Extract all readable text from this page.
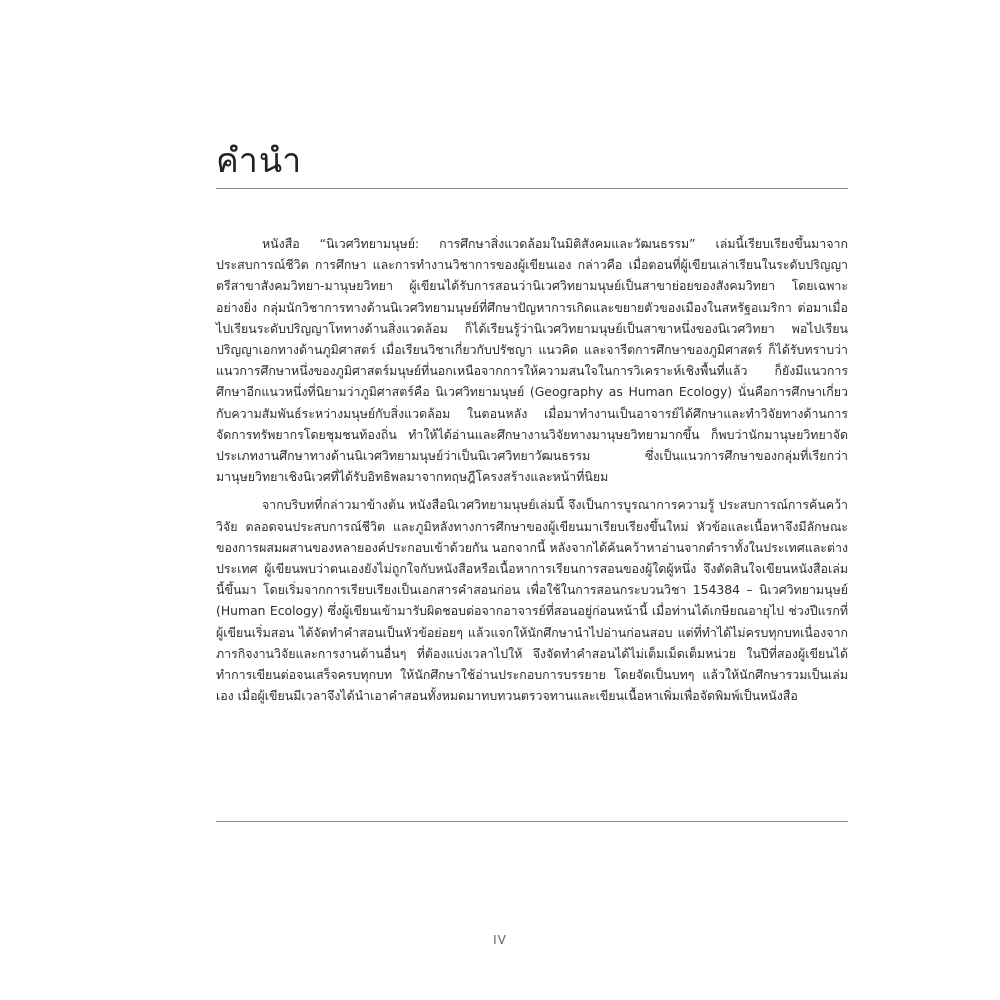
คำนำ

หนังสือ “นิเวศวิทยามนุษย์: การศึกษาสิ่งแวดล้อมในมิติสังคมและวัฒนธรรม” เล่มนี้เรียบเรียงขึ้นมาจากประสบการณ์ชีวิต การศึกษา และการทำงานวิชาการของผู้เขียนเอง กล่าวคือ เมื่อตอนที่ผู้เขียนเล่าเรียนในระดับปริญญาตรีสาขาสังคมวิทยา-มานุษยวิทยา ผู้เขียนได้รับการสอนว่านิเวศวิทยามนุษย์เป็นสาขาย่อยของสังคมวิทยา โดยเฉพาะอย่างยิ่ง กลุ่มนักวิชาการทางด้านนิเวศวิทยามนุษย์ที่ศึกษาปัญหาการเกิดและขยายตัวของเมืองในสหรัฐอเมริกา ต่อมาเมื่อไปเรียนระดับปริญญาโททางด้านสิ่งแวดล้อม ก็ได้เรียนรู้ว่านิเวศวิทยามนุษย์เป็นสาขาหนึ่งของนิเวศวิทยา พอไปเรียนปริญญาเอกทางด้านภูมิศาสตร์ เมื่อเรียนวิชาเกี่ยวกับปรัชญา แนวคิด และจารีตการศึกษาของภูมิศาสตร์ ก็ได้รับทราบว่า แนวการศึกษาหนึ่งของภูมิศาสตร์มนุษย์ที่นอกเหนือจากการให้ความสนใจในการวิเคราะห์เชิงพื้นที่แล้ว ก็ยังมีแนวการศึกษาอีกแนวหนึ่งที่นิยามว่าภูมิศาสตร์คือ นิเวศวิทยามนุษย์ (Geography as Human Ecology) นั่นคือการศึกษาเกี่ยวกับความสัมพันธ์ระหว่างมนุษย์กับสิ่งแวดล้อม ในตอนหลัง เมื่อมาทำงานเป็นอาจารย์ได้ศึกษาและทำวิจัยทางด้านการจัดการทรัพยากรโดยชุมชนท้องถิ่น ทำให้ได้อ่านและศึกษางานวิจัยทางมานุษยวิทยามากขึ้น ก็พบว่านักมานุษยวิทยาจัดประเภทงานศึกษาทางด้านนิเวศวิทยามนุษย์ว่าเป็นนิเวศวิทยาวัฒนธรรม ซึ่งเป็นแนวการศึกษาของกลุ่มที่เรียกว่ามานุษยวิทยาเชิงนิเวศที่ได้รับอิทธิพลมาจากทฤษฎีโครงสร้างและหน้าที่นิยม

จากบริบทที่กล่าวมาข้างต้น หนังสือนิเวศวิทยามนุษย์เล่มนี้ จึงเป็นการบูรณาการความรู้ ประสบการณ์การค้นคว้าวิจัย ตลอดจนประสบการณ์ชีวิต และภูมิหลังทางการศึกษาของผู้เขียนมาเรียบเรียงขึ้นใหม่ หัวข้อและเนื้อหาจึงมีลักษณะของการผสมผสานของหลายองค์ประกอบเข้าด้วยกัน นอกจากนี้ หลังจากได้ค้นคว้าหาอ่านจากตำราทั้งในประเทศและต่างประเทศ ผู้เขียนพบว่าตนเองยังไม่ถูกใจกับหนังสือหรือเนื้อหาการเรียนการสอนของผู้ใดผู้หนึ่ง จึงตัดสินใจเขียนหนังสือเล่มนี้ขึ้นมา โดยเริ่มจากการเรียบเรียงเป็นเอกสารคำสอนก่อน เพื่อใช้ในการสอนกระบวนวิชา 154384 – นิเวศวิทยามนุษย์ (Human Ecology) ซึ่งผู้เขียนเข้ามารับผิดชอบต่อจากอาจารย์ที่สอนอยู่ก่อนหน้านี้ เมื่อท่านได้เกษียณอายุไป ช่วงปีแรกที่ผู้เขียนเริ่มสอน ได้จัดทำคำสอนเป็นหัวข้อย่อยๆ แล้วแจกให้นักศึกษานำไปอ่านก่อนสอบ แต่ที่ทำได้ไม่ครบทุกบทเนื่องจากภารกิจงานวิจัยและการงานด้านอื่นๆ ที่ต้องแบ่งเวลาไปให้ จึงจัดทำคำสอนได้ไม่เต็มเม็ดเต็มหน่วย ในปีที่สองผู้เขียนได้ทำการเขียนต่อจนเสร็จครบทุกบท ให้นักศึกษาใช้อ่านประกอบการบรรยาย โดยจัดเป็นบทๆ แล้วให้นักศึกษารวมเป็นเล่มเอง เมื่อผู้เขียนมีเวลาจึงได้นำเอาคำสอนทั้งหมดมาทบทวนตรวจทานและเขียนเนื้อหาเพิ่มเพื่อจัดพิมพ์เป็นหนังสือ

IV
